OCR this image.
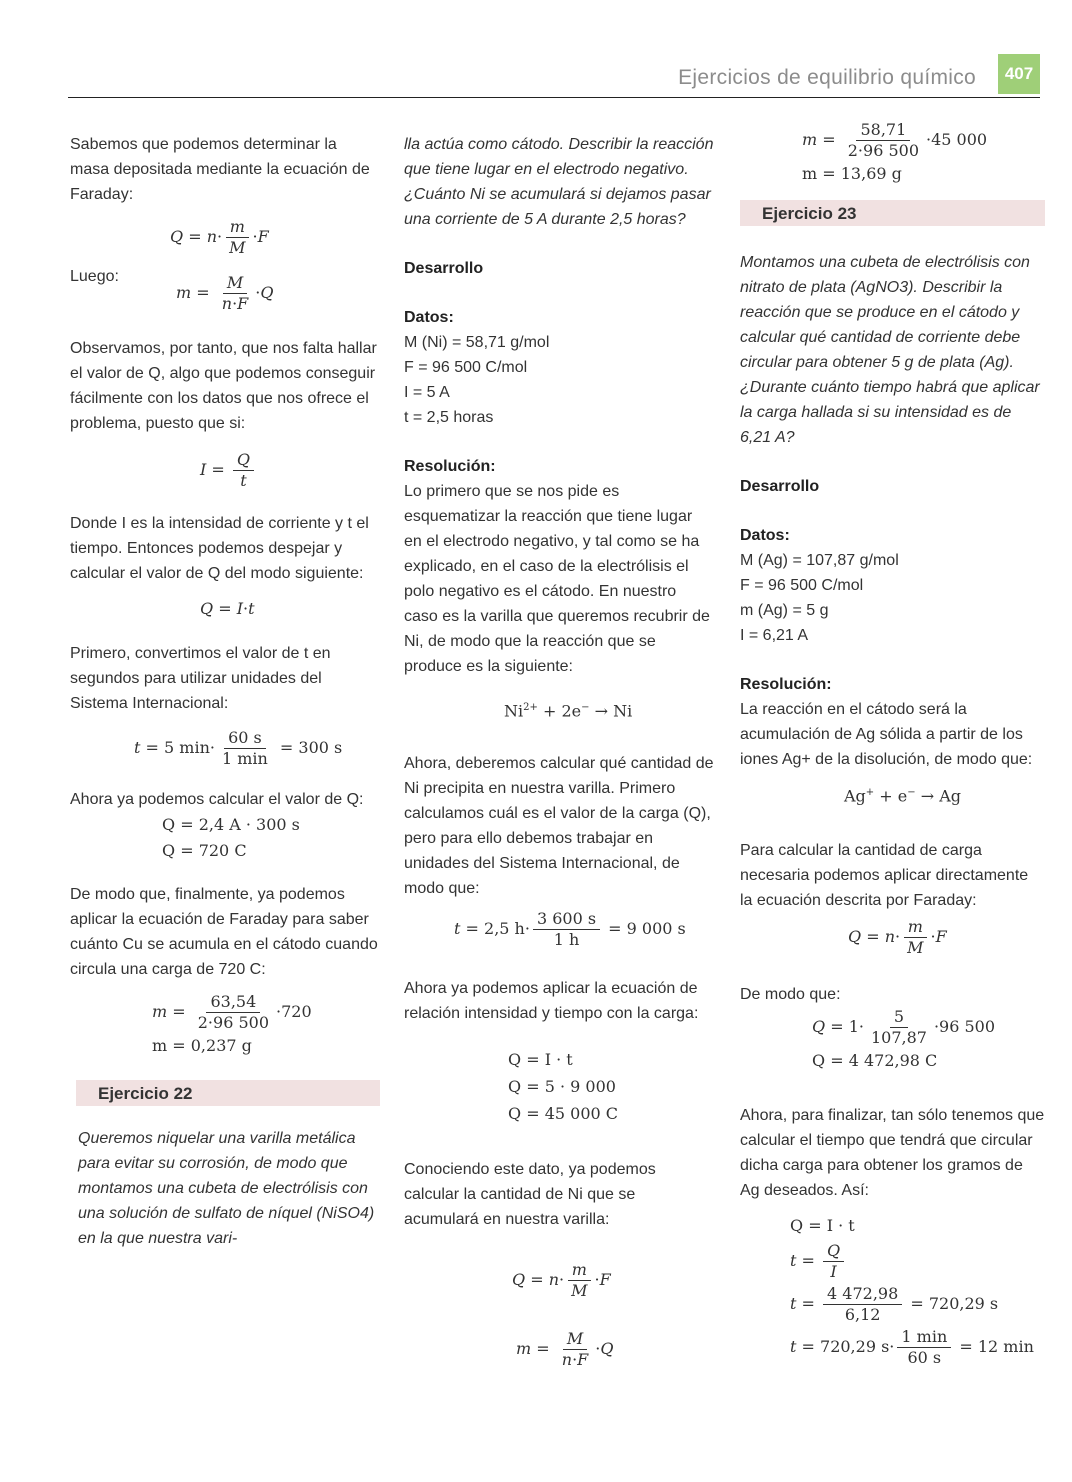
Ejercicios de equilibrio químico	407

Sabemos que podemos determinar la masa depositada mediante la ecuación de Faraday:

$Q = n\cdot \frac{m}{M} \cdot F$

Luego:

$m = \frac{M}{n\cdot F} \cdot Q$

Observamos, por tanto, que nos falta hallar el valor de Q, algo que podemos conseguir fácilmente con los datos que nos ofrece el problema, puesto que si:

$I = \frac{Q}{t}$

Donde I es la intensidad de corriente y t el tiempo. Entonces podemos despejar y calcular el valor de Q del modo siguiente:

Q = I·t

Primero, convertimos el valor de t en segundos para utilizar unidades del Sistema Internacional:

t = 5 $\min\cdot \frac{60 s}{1 \min} = 300$ s

Ahora ya podemos calcular el valor de Q:

Q = 2,4 A · 300 s
Q = 720 C

De modo que, finalmente, ya podemos aplicar la ecuación de Faraday para saber cuánto Cu se acumula en el cátodo cuando circula una carga de 720 C:

$m = \frac{63,54}{2\cdot 96 500} \cdot 720$
m = 0,237 g
Ejercicio 22

Queremos niquelar una varilla metálica para evitar su corrosión, de modo que montamos una cubeta de electrólisis con una solución de sulfato de níquel (NiSO4) en la que nuestra vari-

lla actúa como cátodo. Describir la reacción que tiene lugar en el electrodo negativo. ¿Cuánto Ni se acumulará si dejamos pasar una corriente de 5 A durante 2,5 horas?

Desarrollo

Datos:

M (Ni) = 58,71 g/mol

F = 96 500 C/mol

I = 5 A

t = 2,5 horas

Resolución:

Lo primero que se nos pide es esquematizar la reacción que tiene lugar en el electrodo negativo, y tal como se ha explicado, en el caso de la electrólisis el polo negativo es el cátodo. En nuestro caso es la varilla que queremos recubrir de Ni, de modo que la reacción que se produce es la siguiente:

$Ni^{2+} + 2e^- \to Ni$

Ahora, deberemos calcular qué cantidad de Ni precipita en nuestra varilla. Primero calculamos cuál es el valor de la carga (Q), pero para ello debemos trabajar en unidades del Sistema Internacional, de modo que:

t = 2,5 $h\cdot \frac{3 600 s}{1 h} = 9$ 000 s

Ahora ya podemos aplicar la ecuación de relación intensidad y tiempo con la carga:

Q = I · t
Q = 5 · 9 000
Q = 45 000 C

Conociendo este dato, ya podemos calcular la cantidad de Ni que se acumulará en nuestra varilla:

$Q = n\cdot \frac{m}{M} \cdot F$
$m = \frac{M}{n\cdot F} \cdot Q$
$m = \frac{58,71}{2\cdot 96 500} \cdot 45$ 000
m = 13,69 g
Ejercicio 23

Montamos una cubeta de electrólisis con nitrato de plata (AgNO3). Describir la reacción que se produce en el cátodo y calcular qué cantidad de corriente debe circular para obtener 5 g de plata (Ag). ¿Durante cuánto tiempo habrá que aplicar la carga hallada si su intensidad es de 6,21 A?

Desarrollo

Datos:

M (Ag) = 107,87 g/mol

F = 96 500 C/mol

m (Ag) = 5 g

I = 6,21 A

Resolución:

La reacción en el cátodo será la acumulación de Ag sólida a partir de los iones Ag+ de la disolución, de modo que:

Ag+ + e− → Ag

Para calcular la cantidad de carga necesaria podemos aplicar directamente la ecuación descrita por Faraday:

$Q = n\cdot \frac{m}{M} \cdot F$

De modo que:

$Q = 1\cdot \frac{5}{107,87} \cdot 96$ 500
Q = 4 472,98 C

Ahora, para finalizar, tan sólo tenemos que calcular el tiempo que tendrá que circular dicha carga para obtener los gramos de Ag deseados. Así:

Q = I · t
$t = \frac{Q}{I}$
$t = \frac{4 472,98}{6,12} = 720,29$ s
t = 720,29 $s\cdot \frac{1 \min}{60 s} = 12$ min
